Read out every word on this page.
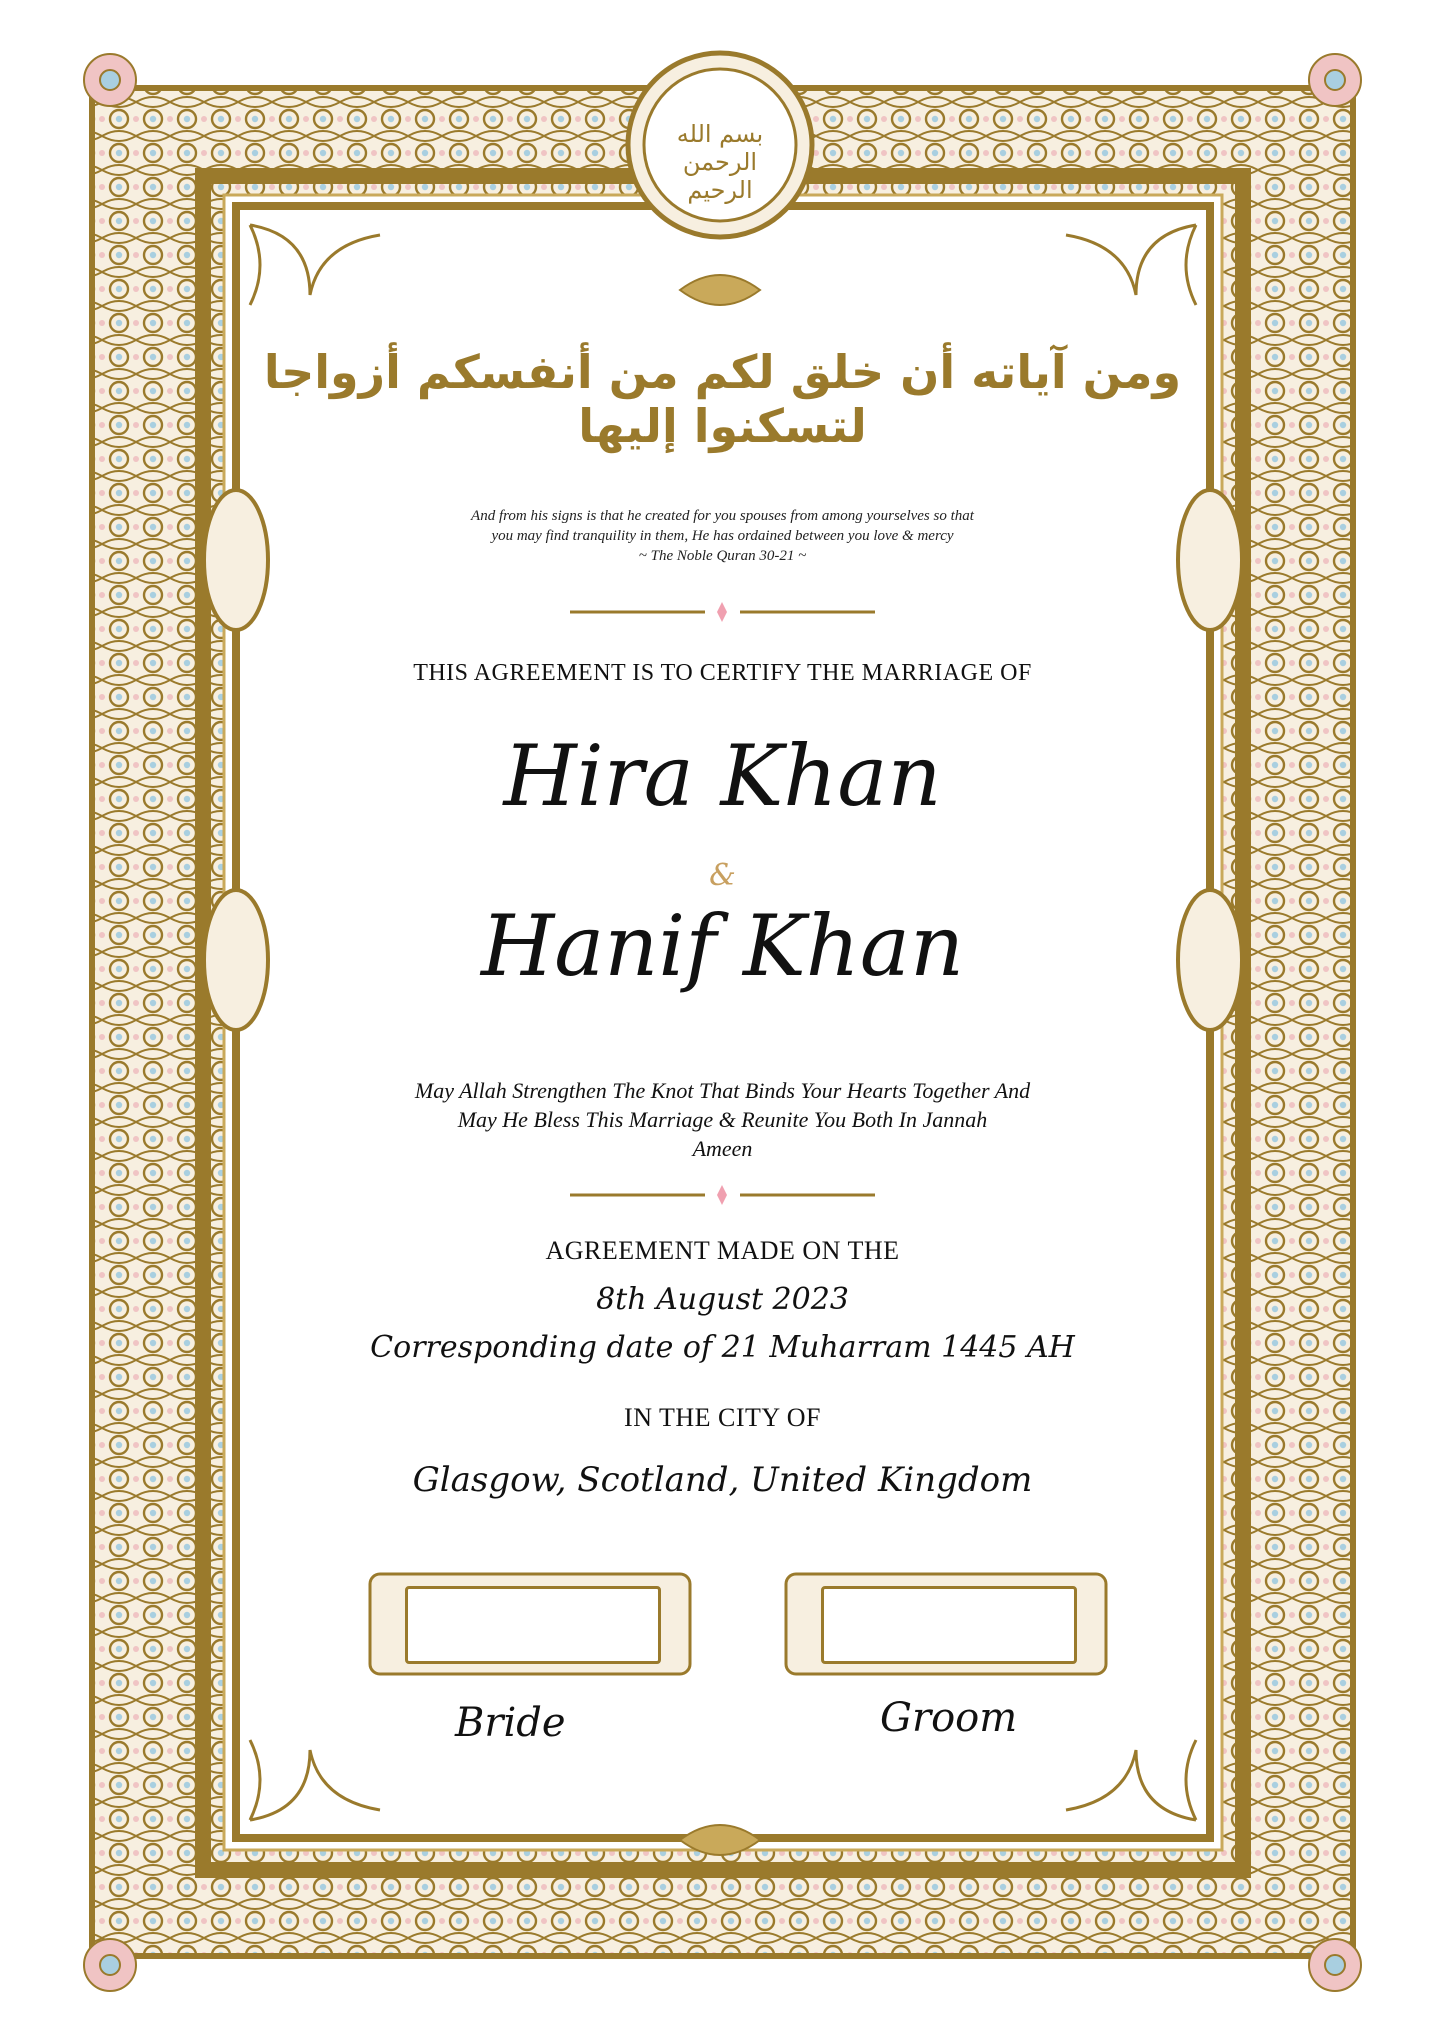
بسم الله الرحمن الرحيم
ومن آياته أن خلق لكم من أنفسكم أزواجا لتسكنوا إليها
And from his signs is that he created for you spouses from among yourselves so that
you may find tranquility in them, He has ordained between you love & mercy
~ The Noble Quran 30-21 ~
THIS AGREEMENT IS TO CERTIFY THE MARRIAGE OF
Hira Khan
&
Hanif Khan
May Allah Strengthen The Knot That Binds Your Hearts Together And
May He Bless This Marriage & Reunite You Both In Jannah
Ameen
AGREEMENT MADE ON THE
8th August 2023
Corresponding date of 21 Muharram 1445 AH
IN THE CITY OF
Glasgow, Scotland, United Kingdom
Bride	Groom
